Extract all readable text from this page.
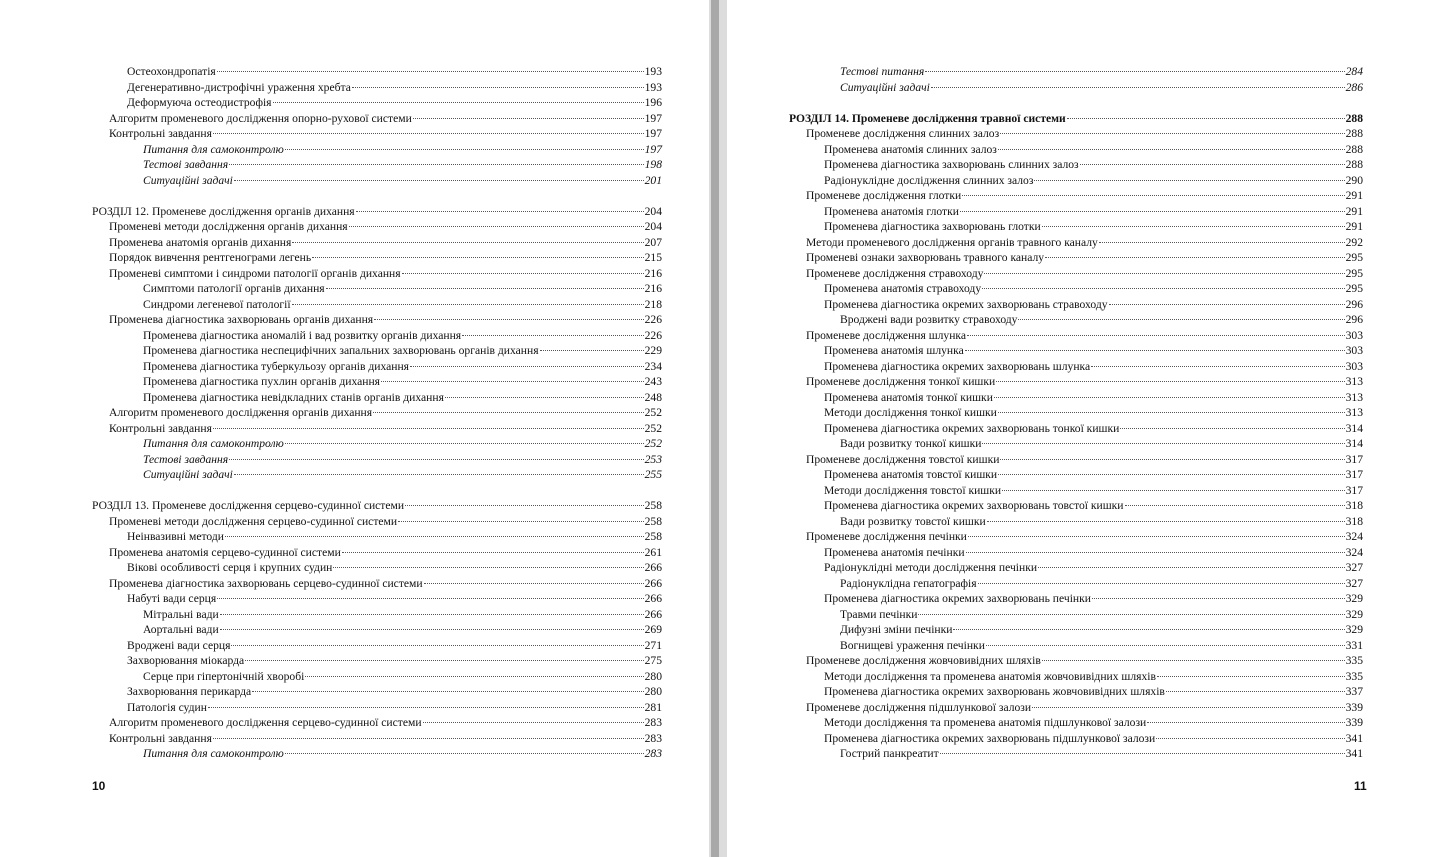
Остеохондропатія	193
Дегенеративно-дистрофічні ураження хребта	193
Деформуюча остеодистрофія	196
Алгоритм променевого дослідження опорно-рухової системи	197
Контрольні завдання	197
Питання для самоконтролю	197
Тестові завдання	198
Ситуаційні задачі	201
РОЗДІЛ 12. Променеве дослідження органів дихання	204
Променеві методи дослідження органів дихання	204
Променева анатомія органів дихання	207
Порядок вивчення рентгенограми легень	215
Променеві симптоми і синдроми патології органів дихання	216
Симптоми патології органів дихання	216
Синдроми легеневої патології	218
Променева діагностика захворювань органів дихання	226
Променева діагностика аномалій і вад розвитку органів дихання	226
Променева діагностика неспецифічних запальних захворювань органів дихання	229
Променева діагностика туберкульозу органів дихання	234
Променева діагностика пухлин органів дихання	243
Променева діагностика невідкладних станів органів дихання	248
Алгоритм променевого дослідження органів дихання	252
Контрольні завдання	252
Питання для самоконтролю	252
Тестові завдання	253
Ситуаційні задачі	255
РОЗДІЛ 13. Променеве дослідження серцево-судинної системи	258
Променеві методи дослідження серцево-судинної системи	258
Неінвазивні методи	258
Променева анатомія серцево-судинної системи	261
Вікові особливості серця і крупних судин	266
Променева діагностика захворювань серцево-судинної системи	266
Набуті вади серця	266
Мітральні вади	266
Аортальні вади	269
Вроджені вади серця	271
Захворювання міокарда	275
Серце при гіпертонічній хворобі	280
Захворювання перикарда	280
Патологія судин	281
Алгоритм променевого дослідження серцево-судинної системи	283
Контрольні завдання	283
Питання для самоконтролю	283
10
Тестові питання	284
Ситуаційні задачі	286
РОЗДІЛ 14. Променеве дослідження травної системи	288
Променеве дослідження слинних залоз	288
Променева анатомія слинних залоз	288
Променева діагностика захворювань слинних залоз	288
Радіонуклідне дослідження слинних залоз	290
Променеве дослідження глотки	291
Променева анатомія глотки	291
Променева діагностика захворювань глотки	291
Методи променевого дослідження органів травного каналу	292
Променеві ознаки захворювань травного каналу	295
Променеве дослідження стравоходу	295
Променева анатомія стравоходу	295
Променева діагностика окремих захворювань стравоходу	296
Вроджені вади розвитку стравоходу	296
Променеве дослідження шлунка	303
Променева анатомія шлунка	303
Променева діагностика окремих захворювань шлунка	303
Променеве дослідження тонкої кишки	313
Променева анатомія тонкої кишки	313
Методи дослідження тонкої кишки	313
Променева діагностика окремих захворювань тонкої кишки	314
Вади розвитку тонкої кишки	314
Променеве дослідження товстої кишки	317
Променева анатомія товстої кишки	317
Методи дослідження товстої кишки	317
Променева діагностика окремих захворювань товстої кишки	318
Вади розвитку товстої кишки	318
Променеве дослідження печінки	324
Променева анатомія печінки	324
Радіонуклідні методи дослідження печінки	327
Радіонуклідна гепатографія	327
Променева діагностика окремих захворювань печінки	329
Травми печінки	329
Дифузні зміни печінки	329
Вогнищеві ураження печінки	331
Променеве дослідження жовчовивідних шляхів	335
Методи дослідження та променева анатомія жовчовивідних шляхів	335
Променева діагностика окремих захворювань жовчовивідних шляхів	337
Променеве дослідження підшлункової залози	339
Методи дослідження та променева анатомія підшлункової залози	339
Променева діагностика окремих захворювань підшлункової залози	341
Гострий панкреатит	341
11
